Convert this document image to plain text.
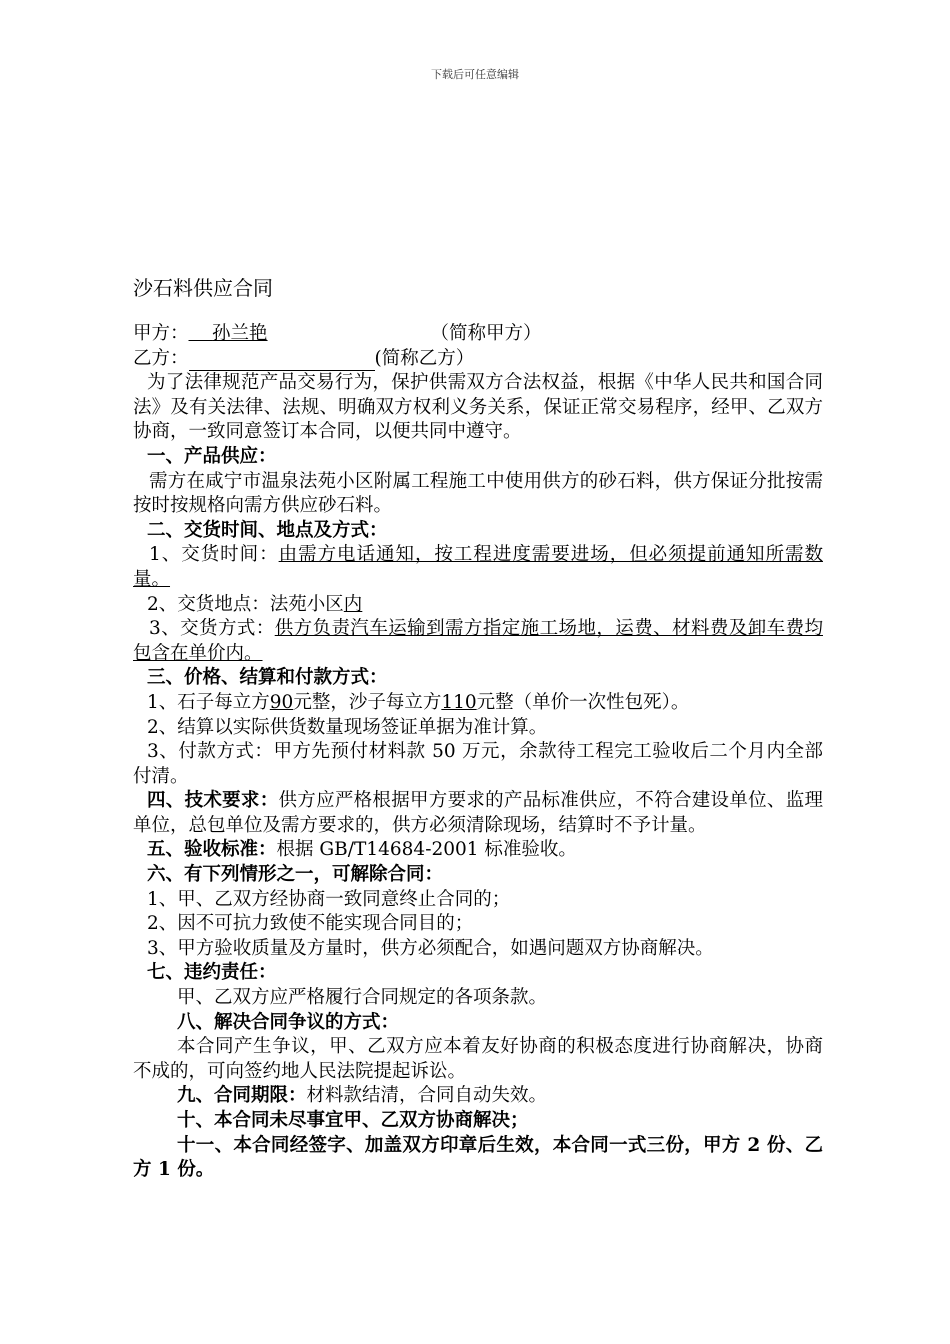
下载后可任意编辑
沙石料供应合同
甲方： 孙兰艳	（简称甲方）
乙方：	(简称乙方）
为了法律规范产品交易行为，保护供需双方合法权益，根据《中华人民共和国合同法》及有关法律、法规、明确双方权利义务关系，保证正常交易程序，经甲、乙双方协商，一致同意签订本合同，以便共同中遵守。
一、产品供应：
需方在咸宁市温泉法苑小区附属工程施工中使用供方的砂石料，供方保证分批按需按时按规格向需方供应砂石料。
二、交货时间、地点及方式：
1、交货时间：由需方电话通知，按工程进度需要进场，但必须提前通知所需数量。
2、交货地点：法苑小区内
3、交货方式：供方负责汽车运输到需方指定施工场地，运费、材料费及卸车费均包含在单价内。
三、价格、结算和付款方式：
1、石子每立方90元整，沙子每立方110元整（单价一次性包死）。
2、结算以实际供货数量现场签证单据为准计算。
3、付款方式：甲方先预付材料款 50 万元，余款待工程完工验收后二个月内全部付清。
四、技术要求：供方应严格根据甲方要求的产品标准供应，不符合建设单位、监理单位，总包单位及需方要求的，供方必须清除现场，结算时不予计量。
五、验收标准：根据 GB/T14684-2001 标准验收。
六、有下列情形之一，可解除合同：
1、甲、乙双方经协商一致同意终止合同的；
2、因不可抗力致使不能实现合同目的；
3、甲方验收质量及方量时，供方必须配合，如遇问题双方协商解决。
七、违约责任：
甲、乙双方应严格履行合同规定的各项条款。
八、解决合同争议的方式：
本合同产生争议，甲、乙双方应本着友好协商的积极态度进行协商解决，协商不成的，可向签约地人民法院提起诉讼。
九、合同期限：材料款结清，合同自动失效。
十、本合同未尽事宜甲、乙双方协商解决；
十一、本合同经签字、加盖双方印章后生效，本合同一式三份，甲方 2 份、乙方 1 份。
